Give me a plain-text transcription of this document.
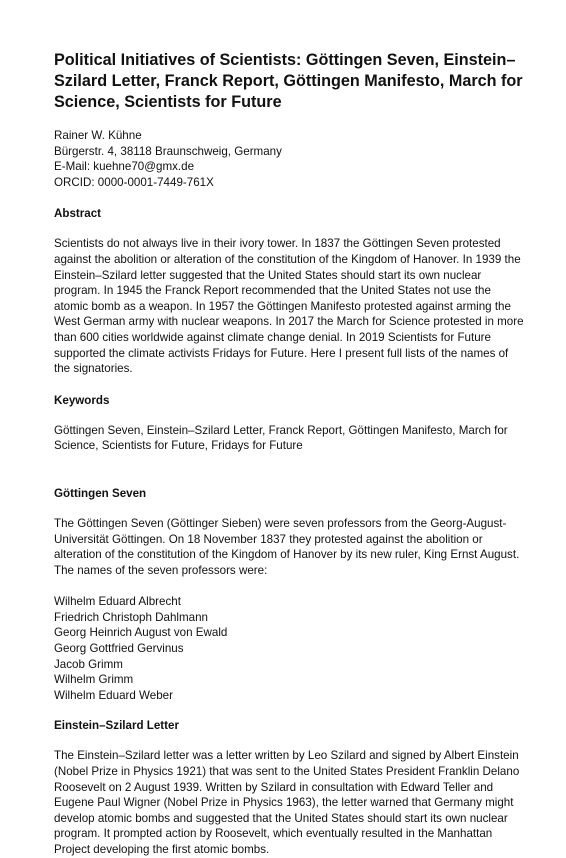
Political Initiatives of Scientists: Göttingen Seven, Einstein–Szilard Letter, Franck Report, Göttingen Manifesto, March for Science, Scientists for Future
Rainer W. Kühne
Bürgerstr. 4, 38118 Braunschweig, Germany
E-Mail: kuehne70@gmx.de
ORCID: 0000-0001-7449-761X
Abstract

Scientists do not always live in their ivory tower. In 1837 the Göttingen Seven protested against the abolition or alteration of the constitution of the Kingdom of Hanover. In 1939 the Einstein–Szilard letter suggested that the United States should start its own nuclear program. In 1945 the Franck Report recommended that the United States not use the atomic bomb as a weapon. In 1957 the Göttingen Manifesto protested against arming the West German army with nuclear weapons. In 2017 the March for Science protested in more than 600 cities worldwide against climate change denial. In 2019 Scientists for Future supported the climate activists Fridays for Future. Here I present full lists of the names of the signatories.

Keywords

Göttingen Seven, Einstein–Szilard Letter, Franck Report, Göttingen Manifesto, March for Science, Scientists for Future, Fridays for Future

Göttingen Seven

The Göttingen Seven (Göttinger Sieben) were seven professors from the Georg-August-Universität Göttingen. On 18 November 1837 they protested against the abolition or alteration of the constitution of the Kingdom of Hanover by its new ruler, King Ernst August. The names of the seven professors were:

Wilhelm Eduard Albrecht
Friedrich Christoph Dahlmann
Georg Heinrich August von Ewald
Georg Gottfried Gervinus
Jacob Grimm
Wilhelm Grimm
Wilhelm Eduard Weber
Einstein–Szilard Letter

The Einstein–Szilard letter was a letter written by Leo Szilard and signed by Albert Einstein (Nobel Prize in Physics 1921) that was sent to the United States President Franklin Delano Roosevelt on 2 August 1939. Written by Szilard in consultation with Edward Teller and Eugene Paul Wigner (Nobel Prize in Physics 1963), the letter warned that Germany might develop atomic bombs and suggested that the United States should start its own nuclear program. It prompted action by Roosevelt, which eventually resulted in the Manhattan Project developing the first atomic bombs.
